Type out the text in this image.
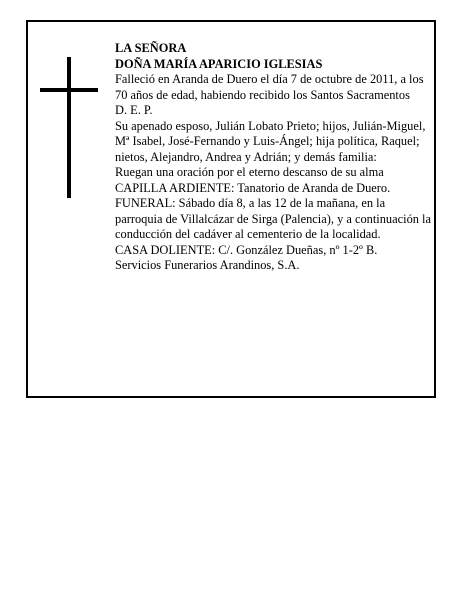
LA SEÑORA

DOÑA MARÍA APARICIO IGLESIAS

Falleció en Aranda de Duero el día 7 de octubre de 2011, a los 70 años de edad, habiendo recibido los Santos Sacramentos

D. E. P.

Su apenado esposo, Julián Lobato Prieto; hijos, Julián-Miguel, Mª Isabel, José-Fernando y Luis-Ángel; hija política, Raquel; nietos, Alejandro, Andrea y Adrián; y demás familia:

Ruegan una oración por el eterno descanso de su alma

CAPILLA ARDIENTE: Tanatorio de Aranda de Duero.

FUNERAL: Sábado día 8, a las 12 de la mañana, en la parroquia de Villalcázar de Sirga (Palencia), y a continuación la conducción del cadáver al cementerio de la localidad.

CASA DOLIENTE: C/. González Dueñas, nº 1-2º B.

Servicios Funerarios Arandinos, S.A.
